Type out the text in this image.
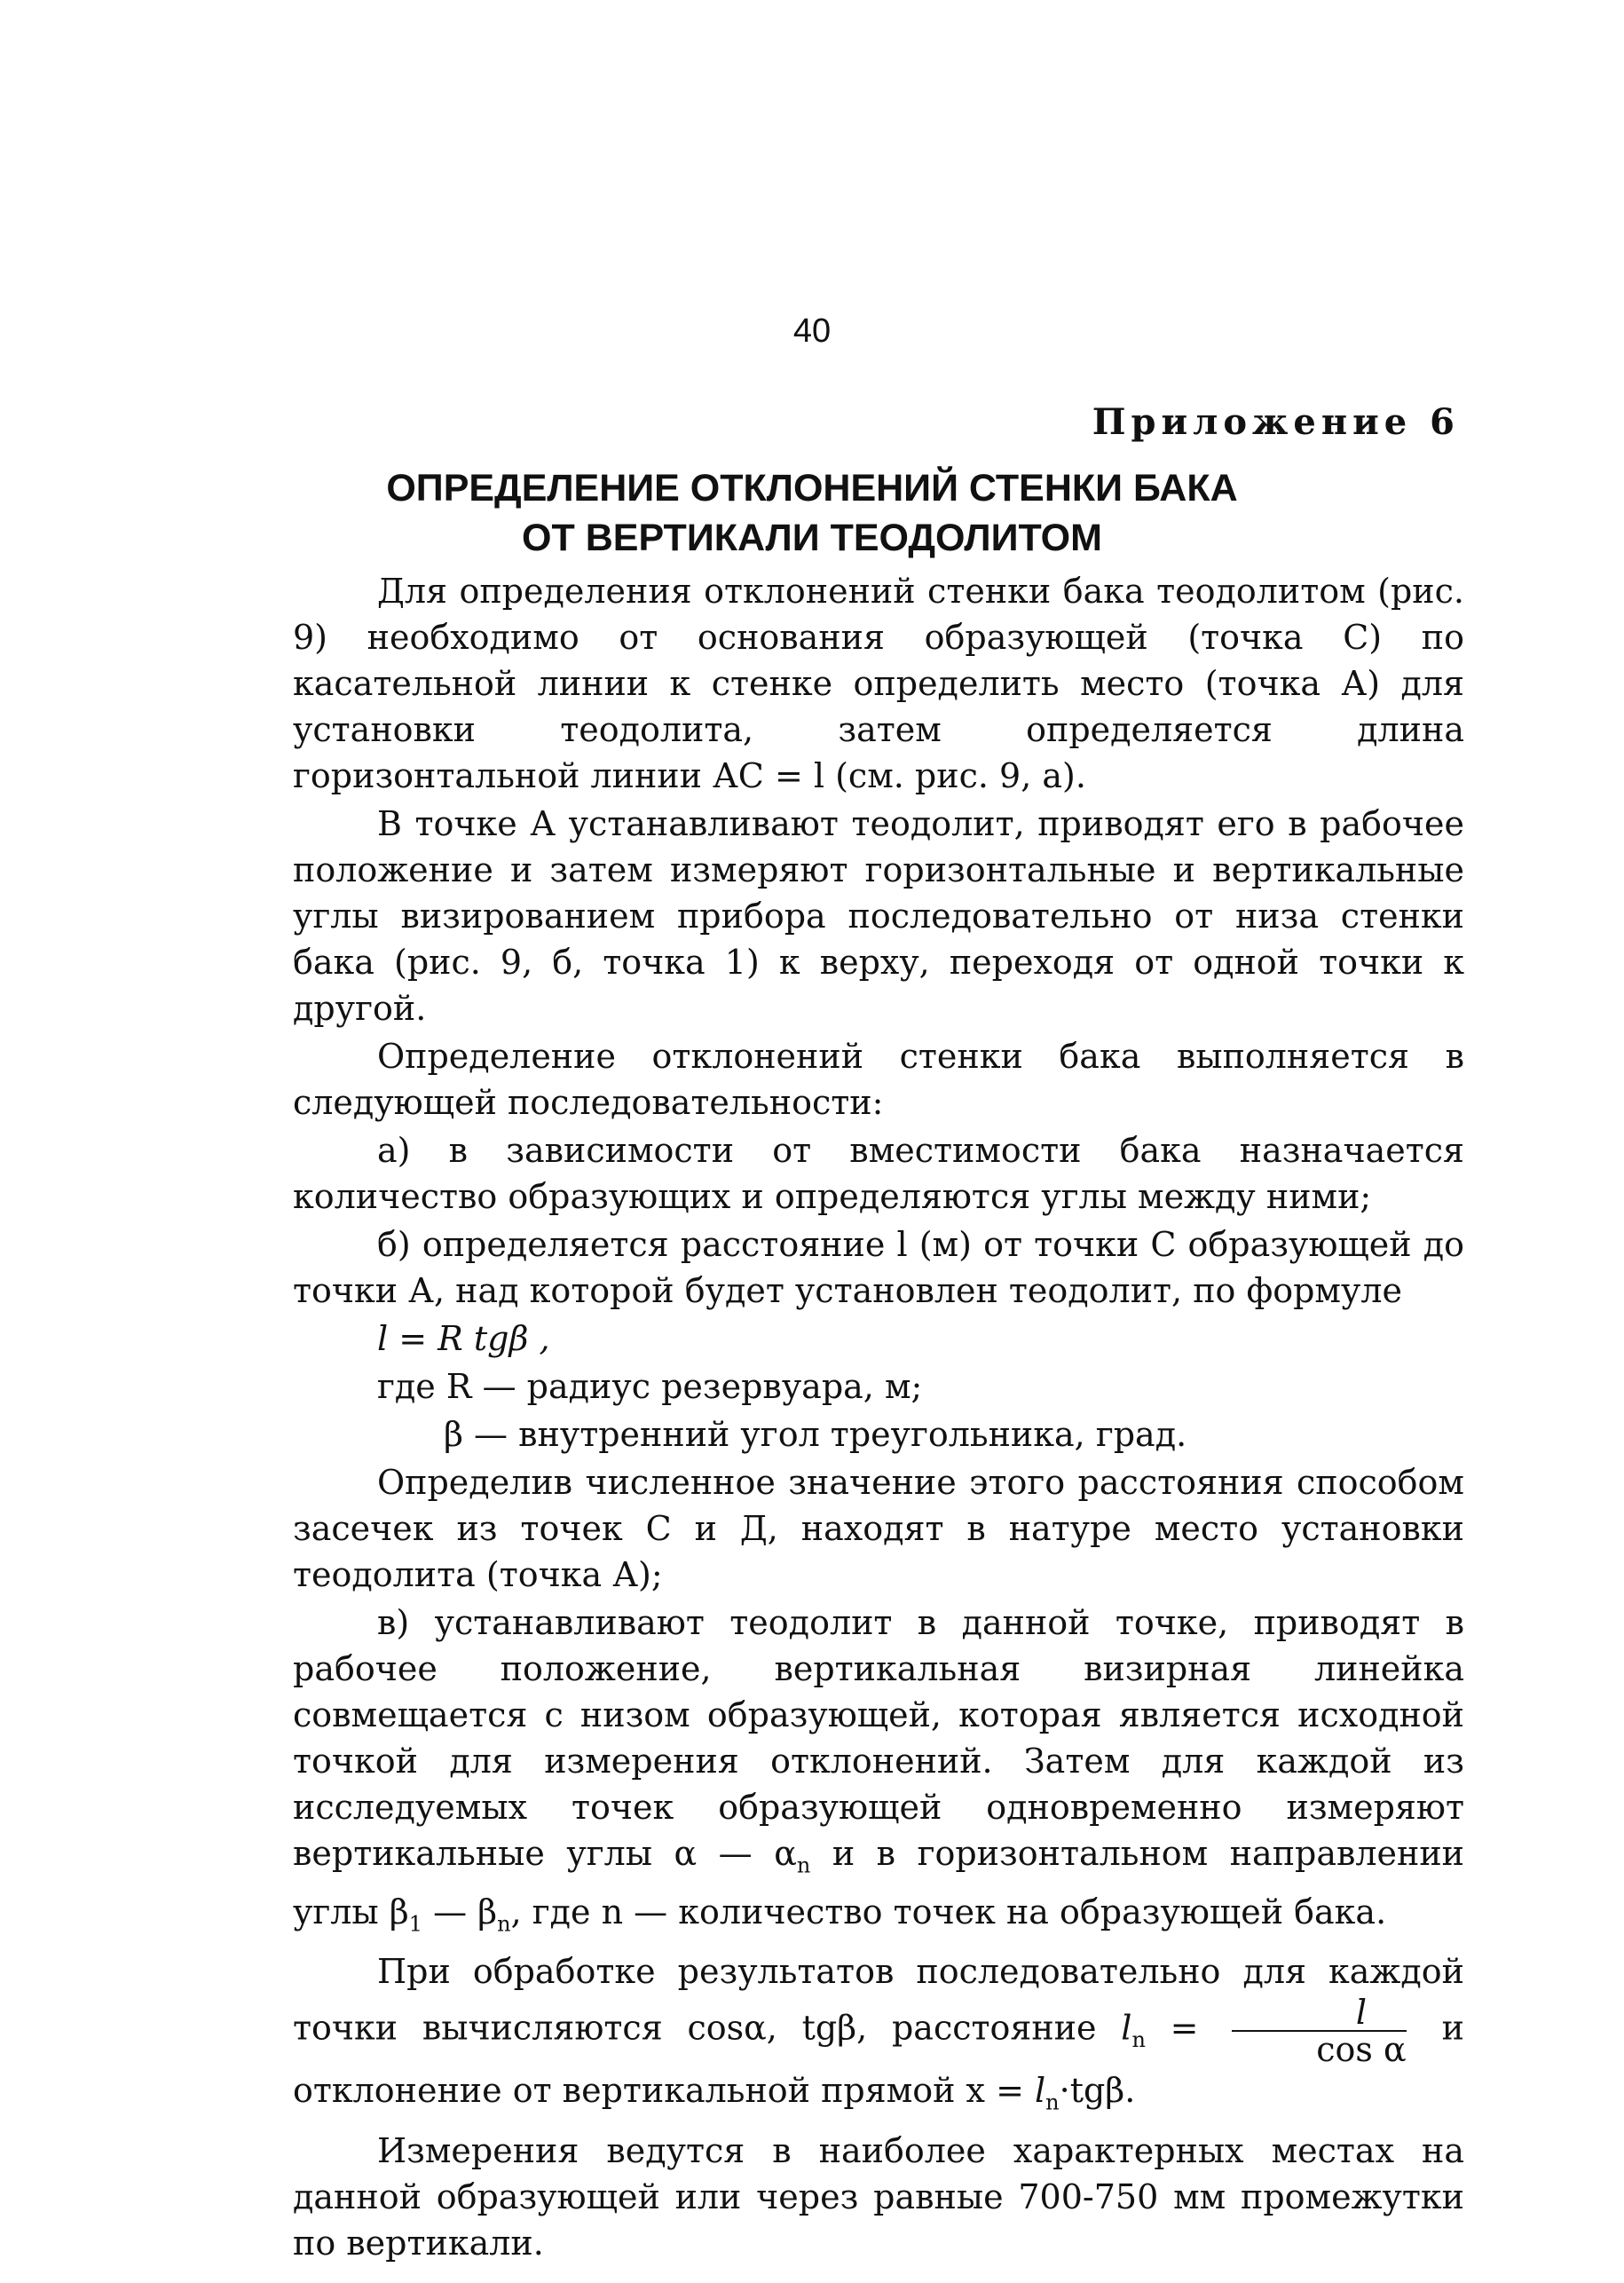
40
Приложение 6
ОПРЕДЕЛЕНИЕ ОТКЛОНЕНИЙ СТЕНКИ БАКА
ОТ ВЕРТИКАЛИ ТЕОДОЛИТОМ

Для определения отклонений стенки бака теодолитом (рис. 9) необходимо от основания образующей (точка С) по касательной линии к стенке определить место (точка А) для установки теодолита, затем определяется длина горизонтальной линии АС = l (см. рис. 9, а).

В точке А устанавливают теодолит, приводят его в рабочее положение и затем измеряют горизонтальные и вертикальные углы визированием прибора последовательно от низа стенки бака (рис. 9, б, точка 1) к верху, переходя от одной точки к другой.

Определение отклонений стенки бака выполняется в следующей последовательности:

а) в зависимости от вместимости бака назначается количество образующих и определяются углы между ними;

б) определяется расстояние l (м) от точки С образующей до точки А, над которой будет установлен теодолит, по формуле

l = R tgβ ,

где R — радиус резервуара, м;

β — внутренний угол треугольника, град.

Определив численное значение этого расстояния способом засечек из точек С и Д, находят в натуре место установки теодолита (точка А);

в) устанавливают теодолит в данной точке, приводят в рабочее положение, вертикальная визирная линейка совмещается с низом образующей, которая является исходной точкой для измерения отклонений. Затем для каждой из исследуемых точек образующей одновременно измеряют вертикальные углы α — $\alpha_n$ и в горизонтальном направлении углы $\beta_1$ — $\beta_n$, где n — количество точек на образующей бака.

При обработке результатов последовательно для каждой точки вычисляются cosα, tgβ, расстояние $l_n = \frac{l}{\text{cos α}}$ и отклонение от вертикальной прямой $x = l_n\cdot tg\beta$.

Измерения ведутся в наиболее характерных местах на данной образующей или через равные 700-750 мм промежутки по вертикали.
